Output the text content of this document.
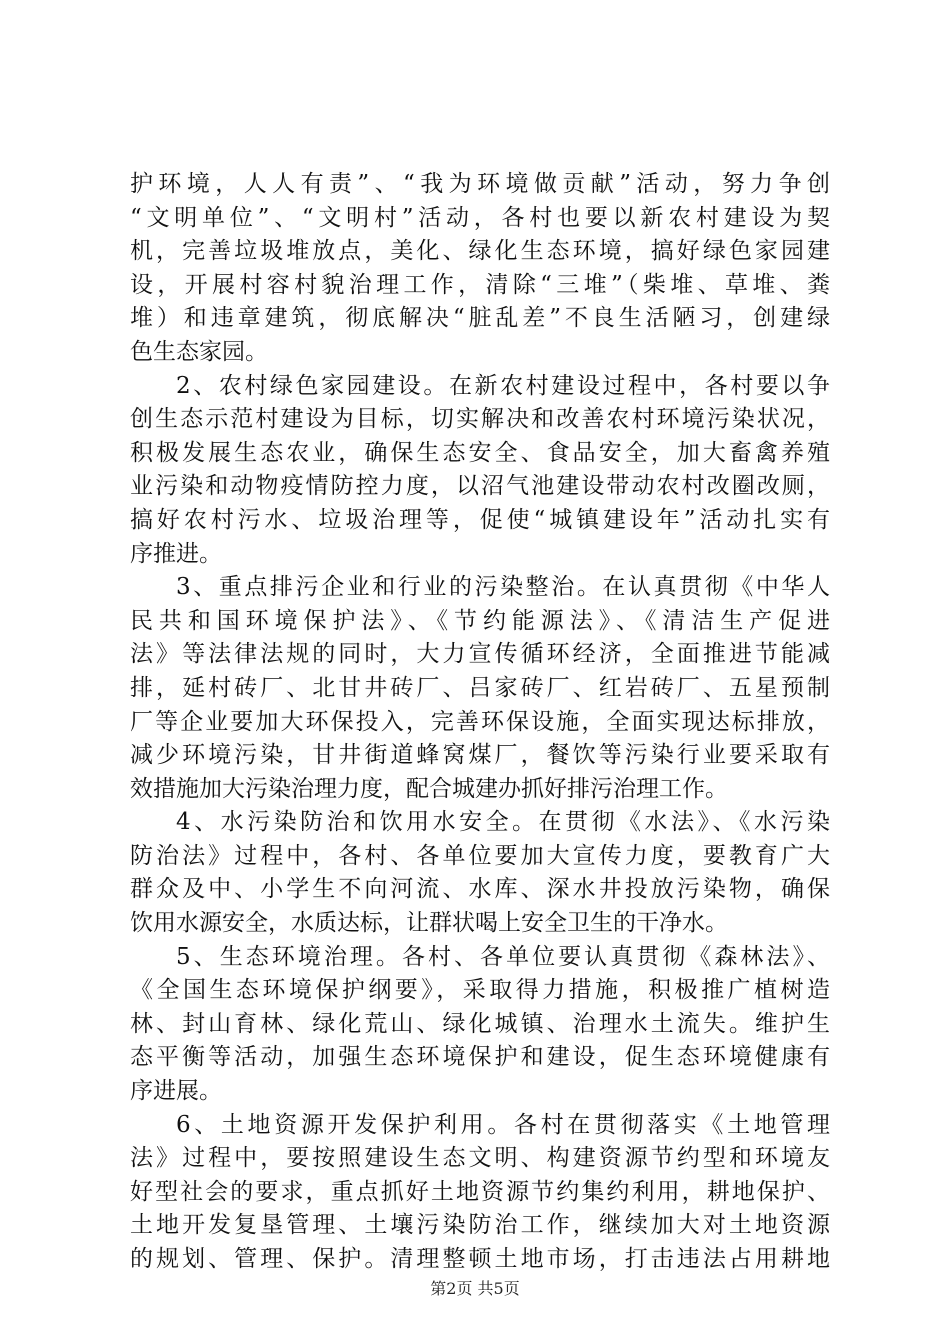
护环境，人人有责”、“我为环境做贡献”活动，努力争创
“文明单位”、“文明村”活动，各村也要以新农村建设为契
机，完善垃圾堆放点，美化、绿化生态环境，搞好绿色家园建
设，开展村容村貌治理工作，清除“三堆”（柴堆、草堆、粪
堆）和违章建筑，彻底解决“脏乱差”不良生活陋习，创建绿
色生态家园。
2、农村绿色家园建设。在新农村建设过程中，各村要以争
创生态示范村建设为目标，切实解决和改善农村环境污染状况，
积极发展生态农业，确保生态安全、食品安全，加大畜禽养殖
业污染和动物疫情防控力度，以沼气池建设带动农村改圈改厕，
搞好农村污水、垃圾治理等，促使“城镇建设年”活动扎实有
序推进。
3、重点排污企业和行业的污染整治。在认真贯彻《中华人
民共和国环境保护法》、《节约能源法》、《清洁生产促进
法》等法律法规的同时，大力宣传循环经济，全面推进节能减
排，延村砖厂、北甘井砖厂、吕家砖厂、红岩砖厂、五星预制
厂等企业要加大环保投入，完善环保设施，全面实现达标排放，
减少环境污染，甘井街道蜂窝煤厂，餐饮等污染行业要采取有
效措施加大污染治理力度，配合城建办抓好排污治理工作。
4、水污染防治和饮用水安全。在贯彻《水法》、《水污染
防治法》过程中，各村、各单位要加大宣传力度，要教育广大
群众及中、小学生不向河流、水库、深水井投放污染物，确保
饮用水源安全，水质达标，让群状喝上安全卫生的干净水。
5、生态环境治理。各村、各单位要认真贯彻《森林法》、
《全国生态环境保护纲要》，采取得力措施，积极推广植树造
林、封山育林、绿化荒山、绿化城镇、治理水土流失。维护生
态平衡等活动，加强生态环境保护和建设，促生态环境健康有
序进展。
6、土地资源开发保护利用。各村在贯彻落实《土地管理
法》过程中，要按照建设生态文明、构建资源节约型和环境友
好型社会的要求，重点抓好土地资源节约集约利用，耕地保护、
土地开发复垦管理、土壤污染防治工作，继续加大对土地资源
的规划、管理、保护。清理整顿土地市场，打击违法占用耕地
第2页 共5页
